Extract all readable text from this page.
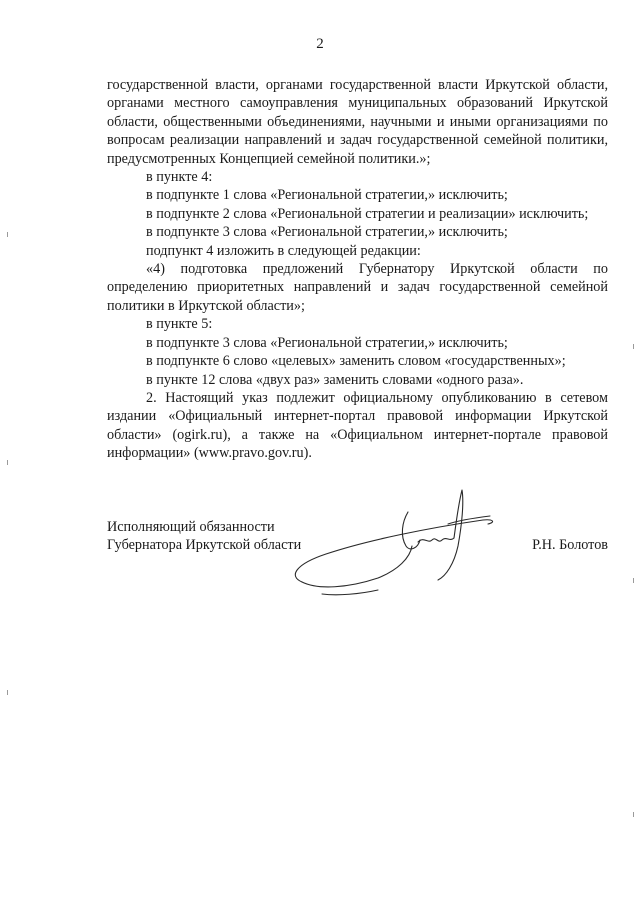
2

государственной власти, органами государственной власти Иркутской области, органами местного самоуправления муниципальных образований Иркутской области, общественными объединениями, научными и иными организациями по вопросам реализации направлений и задач государственной семейной политики, предусмотренных Концепцией семейной политики.»;

в пункте 4:

в подпункте 1 слова «Региональной стратегии,» исключить;

в подпункте 2 слова «Региональной стратегии и реализации» исключить;

в подпункте 3 слова «Региональной стратегии,» исключить;

подпункт 4 изложить в следующей редакции:

«4) подготовка предложений Губернатору Иркутской области по определению приоритетных направлений и задач государственной семейной политики в Иркутской области»;

в пункте 5:

в подпункте 3 слова «Региональной стратегии,» исключить;

в подпункте 6 слово «целевых» заменить словом «государственных»;

в пункте 12 слова «двух раз» заменить словами «одного раза».

2. Настоящий указ подлежит официальному опубликованию в сетевом издании «Официальный интернет-портал правовой информации Иркутской области» (ogirk.ru), а также на «Официальном интернет-портале правовой информации» (www.pravo.gov.ru).

Исполняющий обязанности
Губернатора Иркутской области	Р.Н. Болотов
